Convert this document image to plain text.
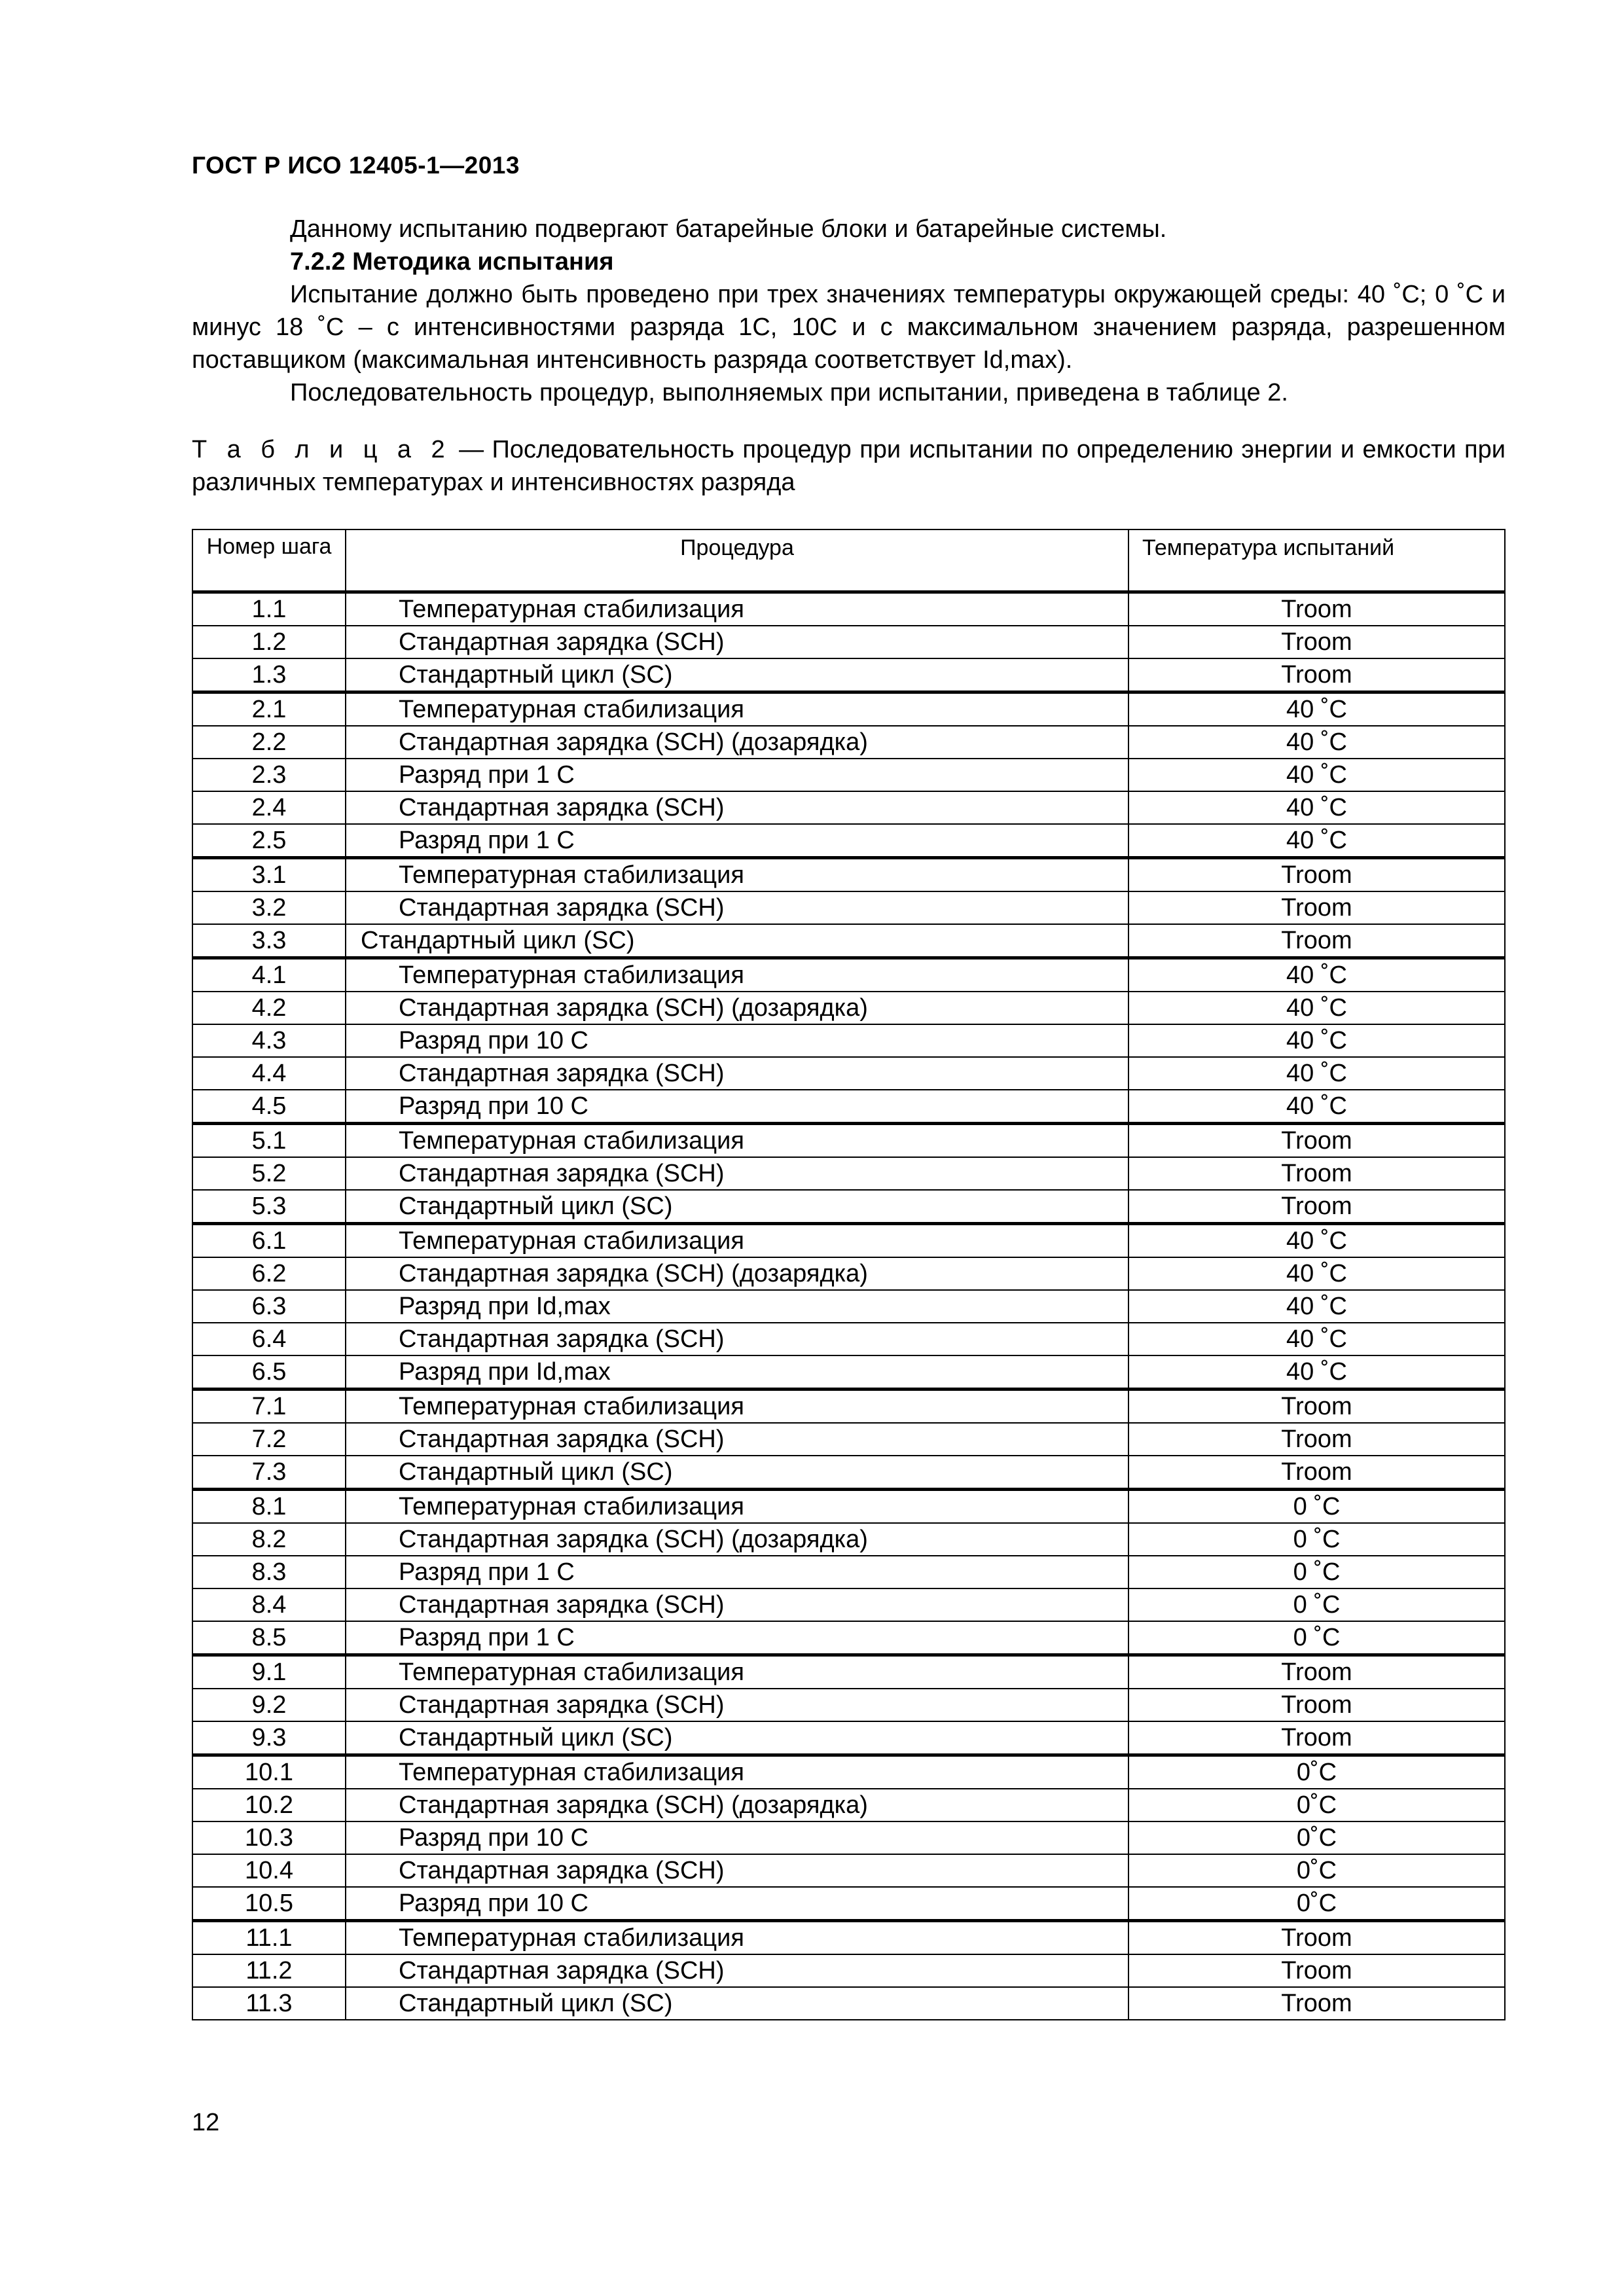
ГОСТ Р ИСО 12405-1—2013

Данному испытанию подвергают батарейные блоки и батарейные системы.

7.2.2 Методика испытания

Испытание должно быть проведено при трех значениях температуры окружающей среды: 40 ˚С; 0 ˚С и минус 18 ˚С – с интенсивностями разряда 1С, 10С и с максимальном значением разряда, разрешенном поставщиком (максимальная интенсивность разряда соответствует Id,max).

Последовательность процедур, выполняемых при испытании, приведена в таблице 2.

Т а б л и ц а 2 — Последовательность процедур при испытании по определению энергии и емкости при различных температурах и интенсивностях разряда
Номер шага	Процедура	Температура испытаний
1.1	Температурная стабилизация	Troom
1.2	Стандартная зарядка (SCH)	Troom
1.3	Стандартный цикл (SC)	Troom
2.1	Температурная стабилизация	40 ˚С
2.2	Стандартная зарядка (SCH) (дозарядка)	40 ˚С
2.3	Разряд при 1 С	40 ˚С
2.4	Стандартная зарядка (SCH)	40 ˚С
2.5	Разряд при 1 С	40 ˚С
3.1	Температурная стабилизация	Troom
3.2	Стандартная зарядка (SCH)	Troom
3.3	Стандартный цикл (SC)	Troom
4.1	Температурная стабилизация	40 ˚С
4.2	Стандартная зарядка (SCH) (дозарядка)	40 ˚С
4.3	Разряд при 10 С	40 ˚С
4.4	Стандартная зарядка (SCH)	40 ˚С
4.5	Разряд при 10 С	40 ˚С
5.1	Температурная стабилизация	Troom
5.2	Стандартная зарядка (SCH)	Troom
5.3	Стандартный цикл (SC)	Troom
6.1	Температурная стабилизация	40 ˚С
6.2	Стандартная зарядка (SCH) (дозарядка)	40 ˚С
6.3	Разряд при Id,max	40 ˚С
6.4	Стандартная зарядка (SCH)	40 ˚С
6.5	Разряд при Id,max	40 ˚С
7.1	Температурная стабилизация	Troom
7.2	Стандартная зарядка (SCH)	Troom
7.3	Стандартный цикл (SC)	Troom
8.1	Температурная стабилизация	0 ˚С
8.2	Стандартная зарядка (SCH) (дозарядка)	0 ˚С
8.3	Разряд при 1 С	0 ˚С
8.4	Стандартная зарядка (SCH)	0 ˚С
8.5	Разряд при 1 С	0 ˚С
9.1	Температурная стабилизация	Troom
9.2	Стандартная зарядка (SCH)	Troom
9.3	Стандартный цикл (SC)	Troom
10.1	Температурная стабилизация	0˚С
10.2	Стандартная зарядка (SCH) (дозарядка)	0˚С
10.3	Разряд при 10 С	0˚С
10.4	Стандартная зарядка (SCH)	0˚С
10.5	Разряд при 10 С	0˚С
11.1	Температурная стабилизация	Troom
11.2	Стандартная зарядка (SCH)	Troom
11.3	Стандартный цикл (SC)	Troom
12
